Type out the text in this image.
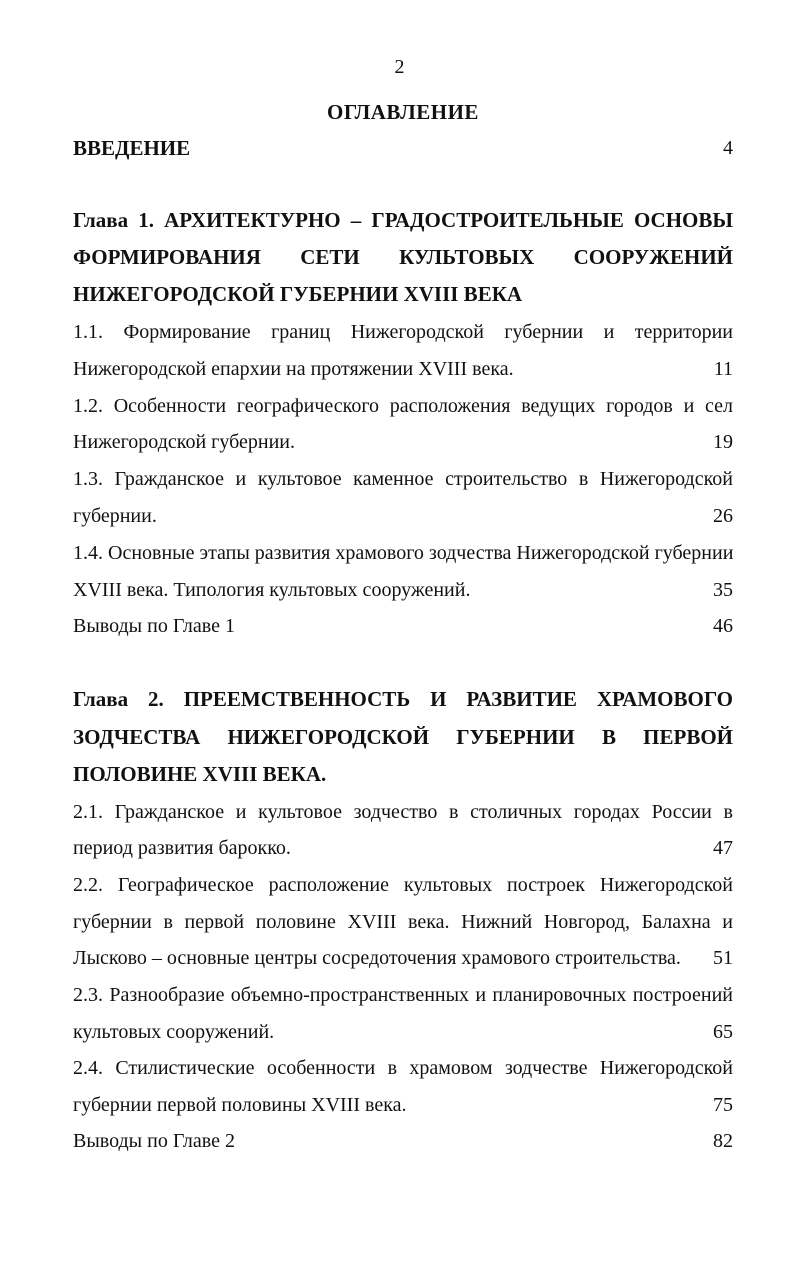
2
ОГЛАВЛЕНИЕ
ВВЕДЕНИЕ	4
Глава 1. АРХИТЕКТУРНО – ГРАДОСТРОИТЕЛЬНЫЕ ОСНОВЫ
ФОРМИРОВАНИЯ СЕТИ КУЛЬТОВЫХ СООРУЖЕНИЙ
НИЖЕГОРОДСКОЙ ГУБЕРНИИ XVIII ВЕКА
1.1. Формирование границ Нижегородской губернии и территории
Нижегородской епархии на протяжении XVIII века.	11
1.2. Особенности географического расположения ведущих городов и сел
Нижегородской губернии.	19
1.3. Гражданское и культовое каменное строительство в Нижегородской
губернии.	26
1.4. Основные этапы развития храмового зодчества Нижегородской губернии
XVIII века. Типология культовых сооружений.	35
Выводы по Главе 1	46
Глава 2. ПРЕЕМСТВЕННОСТЬ И РАЗВИТИЕ ХРАМОВОГО
ЗОДЧЕСТВА НИЖЕГОРОДСКОЙ ГУБЕРНИИ В ПЕРВОЙ
ПОЛОВИНЕ XVIII ВЕКА.
2.1. Гражданское и культовое зодчество в столичных городах России в
период развития барокко.	47
2.2. Географическое расположение культовых построек Нижегородской
губернии в первой половине XVIII века. Нижний Новгород, Балахна и
Лысково – основные центры сосредоточения храмового строительства.	51
2.3. Разнообразие объемно-пространственных и планировочных построений
культовых сооружений.	65
2.4. Стилистические особенности в храмовом зодчестве Нижегородской
губернии первой половины XVIII века.	75
Выводы по Главе 2	82
